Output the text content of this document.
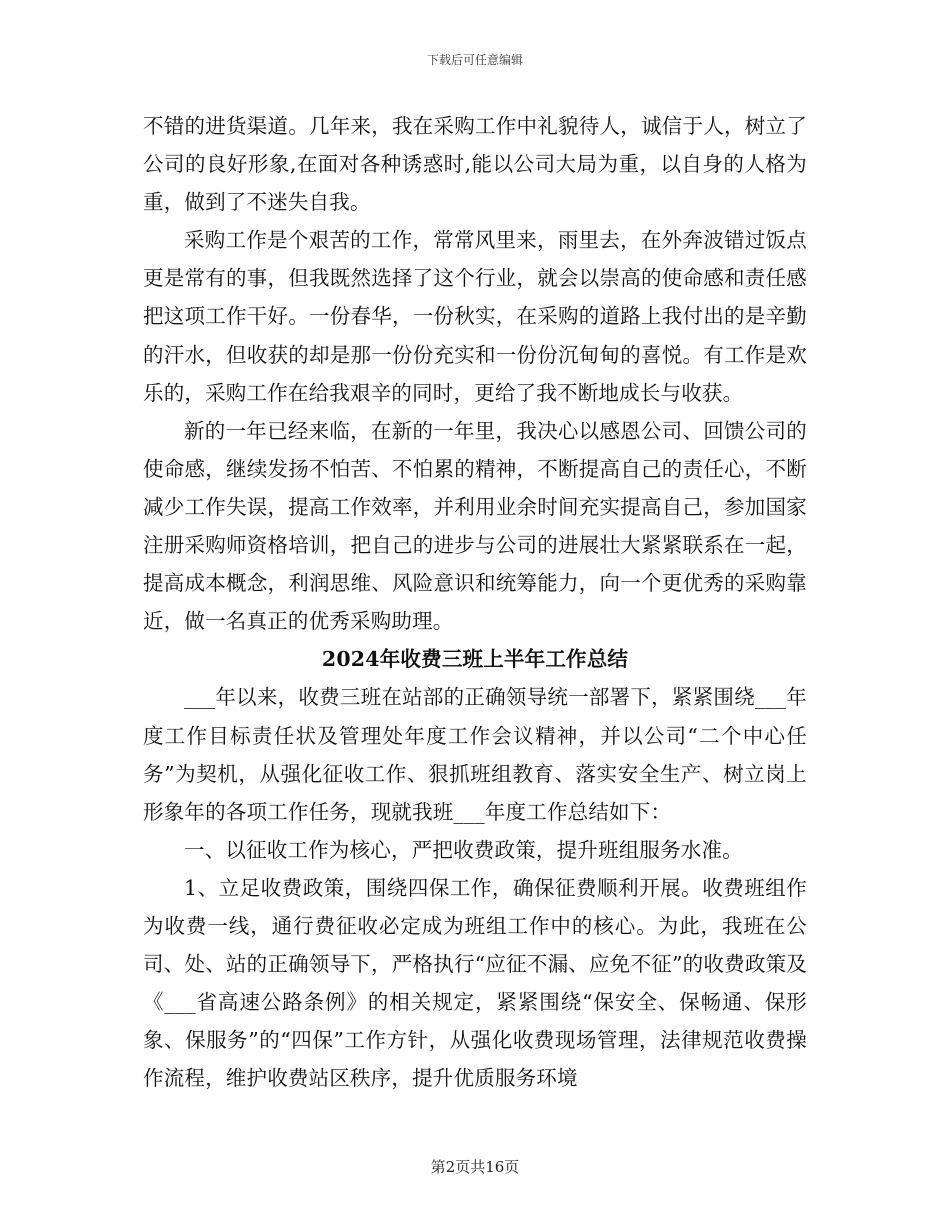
下载后可任意编辑

不错的进货渠道。几年来，我在采购工作中礼貌待人，诚信于人，树立了公司的良好形象,在面对各种诱惑时,能以公司大局为重，以自身的人格为重，做到了不迷失自我。

采购工作是个艰苦的工作，常常风里来，雨里去，在外奔波错过饭点更是常有的事，但我既然选择了这个行业，就会以崇高的使命感和责任感把这项工作干好。一份春华，一份秋实，在采购的道路上我付出的是辛勤的汗水，但收获的却是那一份份充实和一份份沉甸甸的喜悦。有工作是欢乐的，采购工作在给我艰辛的同时，更给了我不断地成长与收获。

新的一年已经来临，在新的一年里，我决心以感恩公司、回馈公司的使命感，继续发扬不怕苦、不怕累的精神，不断提高自己的责任心，不断减少工作失误，提高工作效率，并利用业余时间充实提高自己，参加国家注册采购师资格培训，把自己的进步与公司的进展壮大紧紧联系在一起，提高成本概念，利润思维、风险意识和统筹能力，向一个更优秀的采购靠近，做一名真正的优秀采购助理。

2024年收费三班上半年工作总结

___年以来，收费三班在站部的正确领导统一部署下，紧紧围绕___年度工作目标责任状及管理处年度工作会议精神，并以公司“二个中心任务”为契机，从强化征收工作、狠抓班组教育、落实安全生产、树立岗上形象年的各项工作任务，现就我班___年度工作总结如下：

一、以征收工作为核心，严把收费政策，提升班组服务水准。

1、立足收费政策，围绕四保工作，确保征费顺利开展。收费班组作为收费一线，通行费征收必定成为班组工作中的核心。为此，我班在公司、处、站的正确领导下，严格执行“应征不漏、应免不征”的收费政策及《___省高速公路条例》的相关规定，紧紧围绕“保安全、保畅通、保形象、保服务”的“四保”工作方针，从强化收费现场管理，法律规范收费操作流程，维护收费站区秩序，提升优质服务环境

第2页共16页
